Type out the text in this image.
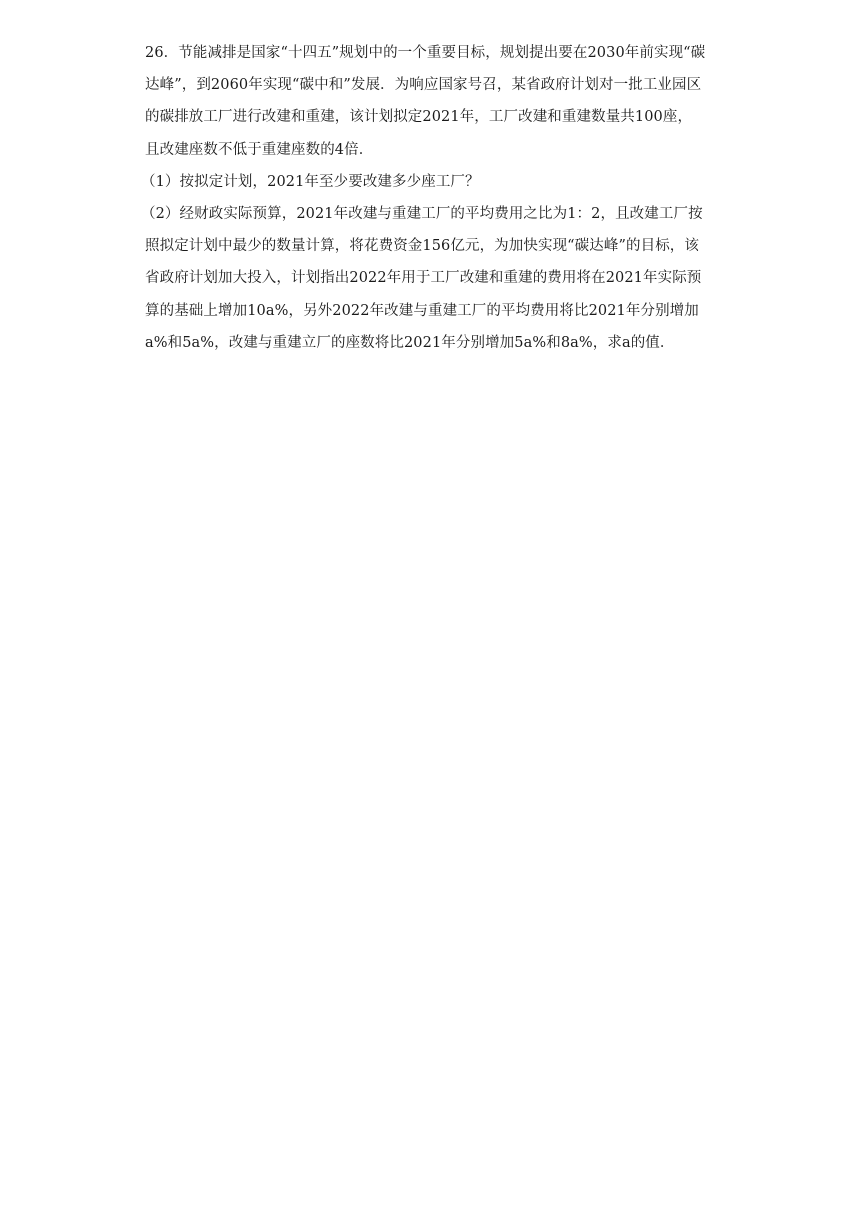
26．节能减排是国家“十四五”规划中的一个重要目标，规划提出要在2030年前实现“碳
达峰”，到2060年实现“碳中和”发展．为响应国家号召，某省政府计划对一批工业园区
的碳排放工厂进行改建和重建，该计划拟定2021年，工厂改建和重建数量共100座，
且改建座数不低于重建座数的4倍．
（1）按拟定计划，2021年至少要改建多少座工厂？
（2）经财政实际预算，2021年改建与重建工厂的平均费用之比为1：2，且改建工厂按
照拟定计划中最少的数量计算，将花费资金156亿元，为加快实现“碳达峰”的目标，该
省政府计划加大投入，计划指出2022年用于工厂改建和重建的费用将在2021年实际预
算的基础上增加10a%，另外2022年改建与重建工厂的平均费用将比2021年分别增加
a%和5a%，改建与重建立厂的座数将比2021年分别增加5a%和8a%，求a的值．
